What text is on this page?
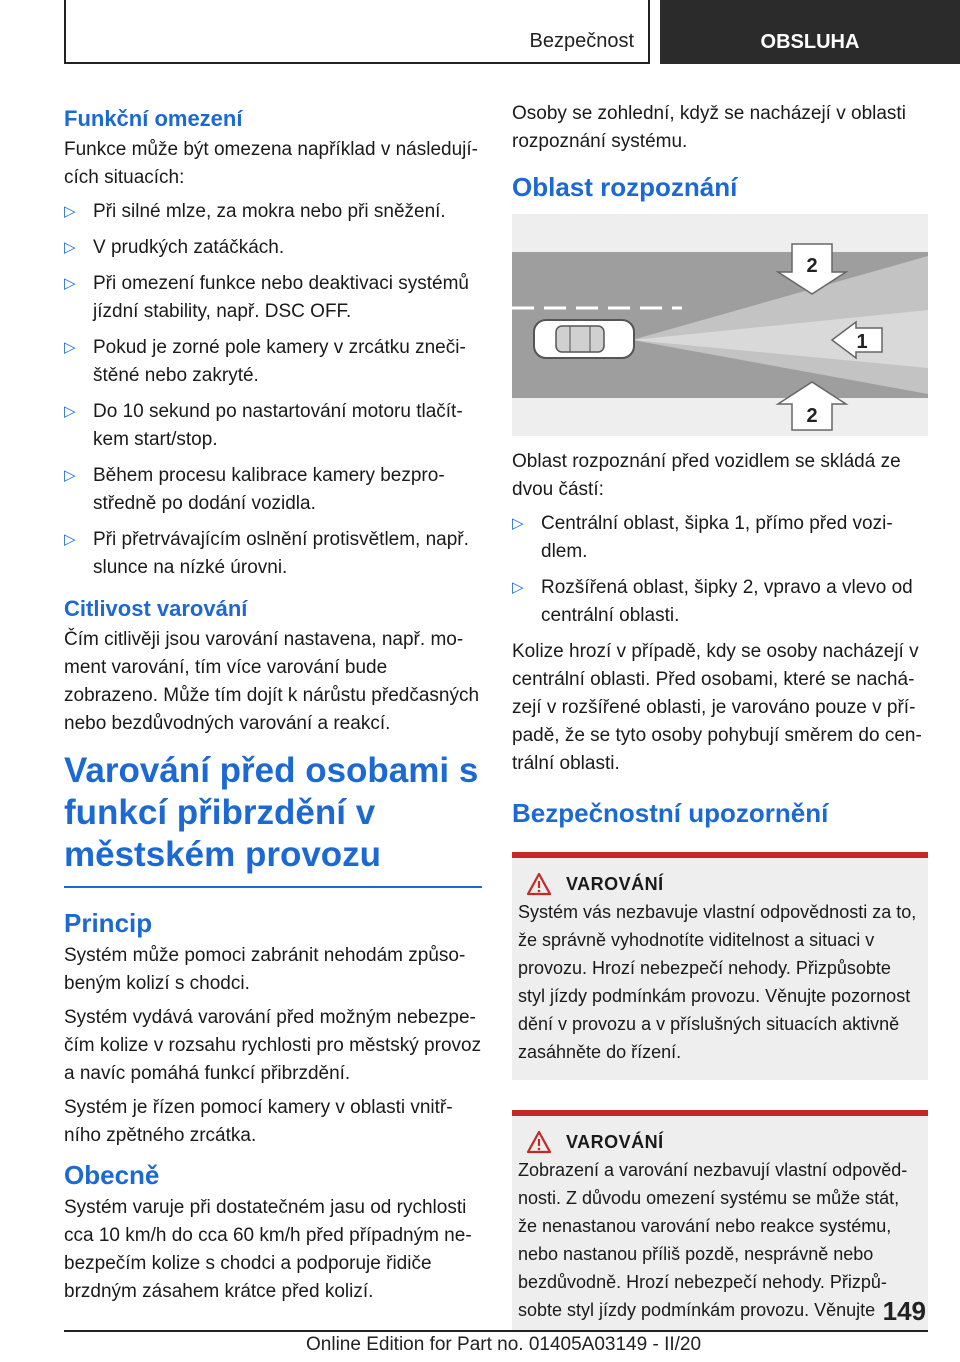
Bezpečnost	OBSLUHA
Funkční omezení

Funkce může být omezena například v následujících situacích:

▷ Při silné mlze, za mokra nebo při sněžení.
▷ V prudkých zatáčkách.
▷ Při omezení funkce nebo deaktivaci systémů jízdní stability, např. DSC OFF.
▷ Pokud je zorné pole kamery v zrcátku znečištěné nebo zakryté.
▷ Do 10 sekund po nastartování motoru tlačítkem start/stop.
▷ Během procesu kalibrace kamery bezprostředně po dodání vozidla.
▷ Při přetrvávajícím oslnění protisvětlem, např. slunce na nízké úrovni.
Citlivost varování

Čím citlivěji jsou varování nastavena, např. moment varování, tím více varování bude zobrazeno. Může tím dojít k nárůstu předčasných nebo bezdůvodných varování a reakcí.

Varování před osobami s funkcí přibrzdění v městském provozu
Princip

Systém může pomoci zabránit nehodám způsobeným kolizí s chodci.

Systém vydává varování před možným nebezpečím kolize v rozsahu rychlosti pro městský provoz a navíc pomáhá funkcí přibrzdění.

Systém je řízen pomocí kamery v oblasti vnitřního zpětného zrcátka.

Obecně

Systém varuje při dostatečném jasu od rychlosti cca 10 km/h do cca 60 km/h před případným nebezpečím kolize s chodci a podporuje řidiče brzdným zásahem krátce před kolizí.

Osoby se zohlední, když se nacházejí v oblasti rozpoznání systému.

Oblast rozpoznání
2
1
2

Oblast rozpoznání před vozidlem se skládá ze dvou částí:

▷ Centrální oblast, šipka 1, přímo před vozidlem.
▷ Rozšířená oblast, šipky 2, vpravo a vlevo od centrální oblasti.

Kolize hrozí v případě, kdy se osoby nacházejí v centrální oblasti. Před osobami, které se nacházejí v rozšířené oblasti, je varováno pouze v případě, že se tyto osoby pohybují směrem do centrální oblasti.

Bezpečnostní upozornění
VAROVÁNÍ

Systém vás nezbavuje vlastní odpovědnosti za to, že správně vyhodnotíte viditelnost a situaci v provozu. Hrozí nebezpečí nehody. Přizpůsobte styl jízdy podmínkám provozu. Věnujte pozornost dění v provozu a v příslušných situacích aktivně zasáhněte do řízení.

VAROVÁNÍ

Zobrazení a varování nezbavují vlastní odpovědnosti. Z důvodu omezení systému se může stát, že nenastanou varování nebo reakce systému, nebo nastanou příliš pozdě, nesprávně nebo bezdůvodně. Hrozí nebezpečí nehody. Přizpůsobte styl jízdy podmínkám provozu. Věnujte 149
Online Edition for Part no. 01405A03149 - II/20
